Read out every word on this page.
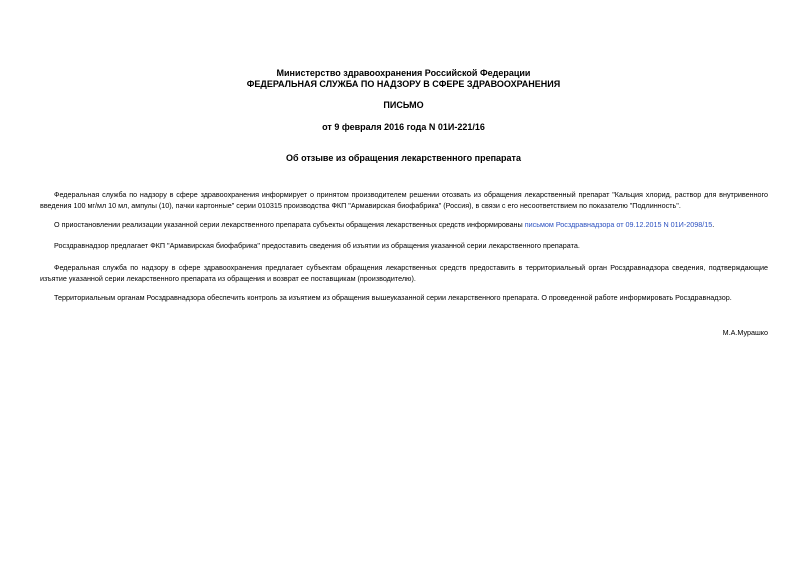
Министерство здравоохранения Российской Федерации
ФЕДЕРАЛЬНАЯ СЛУЖБА ПО НАДЗОРУ В СФЕРЕ ЗДРАВООХРАНЕНИЯ
ПИСЬМО
от 9 февраля 2016 года N 01И-221/16
Об отзыве из обращения лекарственного препарата

Федеральная служба по надзору в сфере здравоохранения информирует о принятом производителем решении отозвать из обращения лекарственный препарат "Кальция хлорид, раствор для внутривенного введения 100 мг/мл 10 мл, ампулы (10), пачки картонные" серии 010315 производства ФКП "Армавирская биофабрика" (Россия), в связи с его несоответствием по показателю "Подлинность".

О приостановлении реализации указанной серии лекарственного препарата субъекты обращения лекарственных средств информированы письмом Росздравнадзора от 09.12.2015 N 01И-2098/15.

Росздравнадзор предлагает ФКП "Армавирская биофабрика" предоставить сведения об изъятии из обращения указанной серии лекарственного препарата.

Федеральная служба по надзору в сфере здравоохранения предлагает субъектам обращения лекарственных средств предоставить в территориальный орган Росздравнадзора сведения, подтверждающие изъятие указанной серии лекарственного препарата из обращения и возврат ее поставщикам (производителю).

Территориальным органам Росздравнадзора обеспечить контроль за изъятием из обращения вышеуказанной серии лекарственного препарата. О проведенной работе информировать Росздравнадзор.

М.А.Мурашко
